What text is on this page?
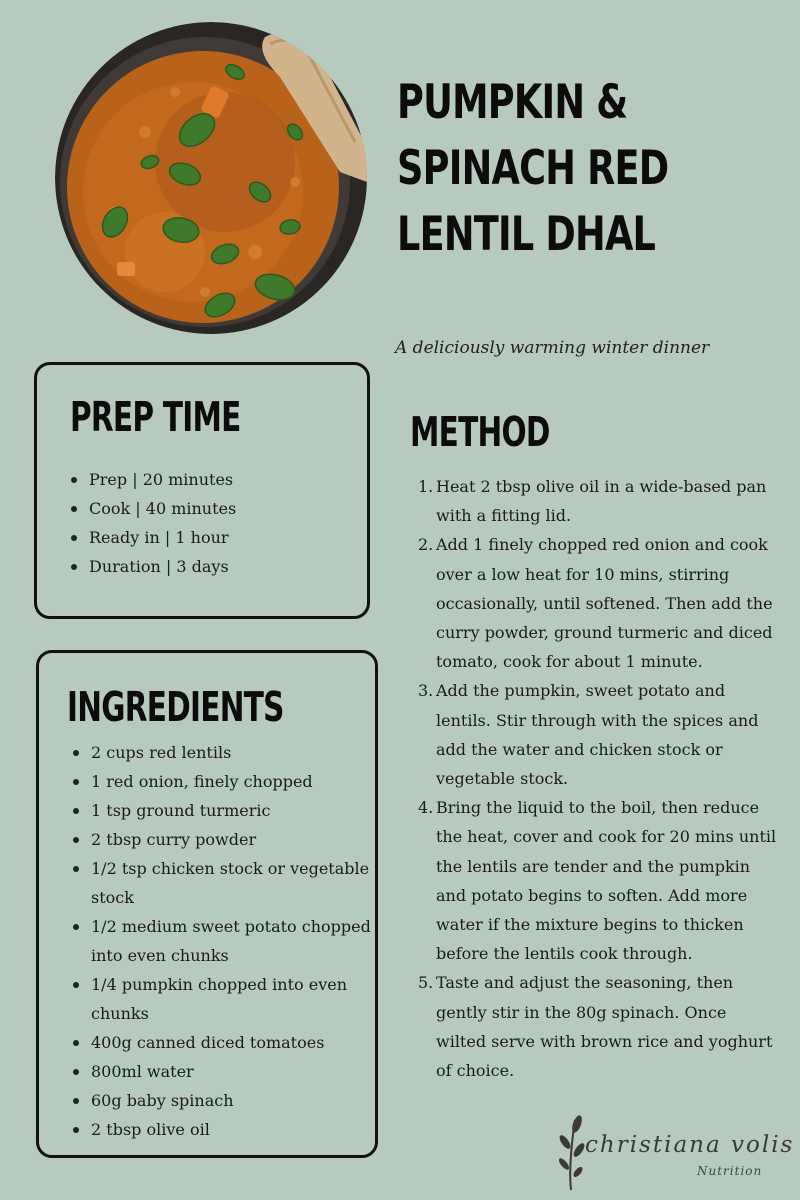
PUMPKIN &
SPINACH RED
LENTIL DHAL
A deliciously warming winter dinner
PREP TIME
Prep | 20 minutes
Cook | 40 minutes
Ready in | 1 hour
Duration | 3 days
INGREDIENTS
2 cups red lentils
1 red onion, finely chopped
1 tsp ground turmeric
2 tbsp curry powder
1/2 tsp chicken stock or vegetable stock
1/2 medium sweet potato chopped into even chunks
1/4 pumpkin chopped into even chunks
400g canned diced tomatoes
800ml water
60g baby spinach
2 tbsp olive oil
METHOD
1. Heat 2 tbsp olive oil in a wide-based pan with a fitting lid.
2. Add 1 finely chopped red onion and cook over a low heat for 10 mins, stirring occasionally, until softened. Then add the curry powder, ground turmeric and diced tomato, cook for about 1 minute.
3. Add the pumpkin, sweet potato and lentils. Stir through with the spices and add the water and chicken stock or vegetable stock.
4. Bring the liquid to the boil, then reduce the heat, cover and cook for 20 mins until the lentils are tender and the pumpkin and potato begins to soften. Add more water if the mixture begins to thicken before the lentils cook through.
5. Taste and adjust the seasoning, then gently stir in the 80g spinach. Once wilted serve with brown rice and yoghurt of choice.
christiana volis
Nutrition
